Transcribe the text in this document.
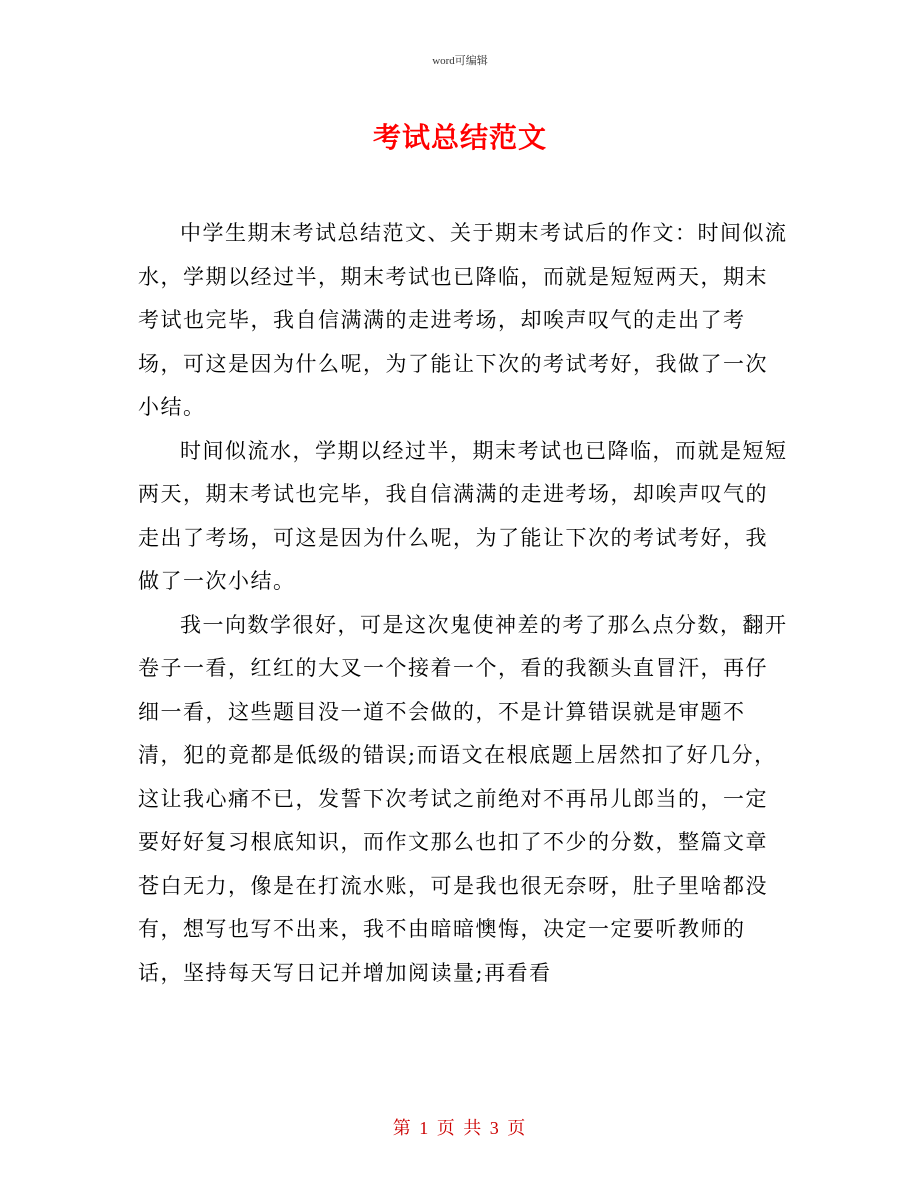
word可编辑
考试总结范文

中学生期末考试总结范文、关于期末考试后的作文：时间似流水，学期以经过半，期末考试也已降临，而就是短短两天，期末考试也完毕，我自信满满的走进考场，却唉声叹气的走出了考场，可这是因为什么呢，为了能让下次的考试考好，我做了一次小结。

时间似流水，学期以经过半，期末考试也已降临，而就是短短两天，期末考试也完毕，我自信满满的走进考场，却唉声叹气的走出了考场，可这是因为什么呢，为了能让下次的考试考好，我做了一次小结。

我一向数学很好，可是这次鬼使神差的考了那么点分数，翻开卷子一看，红红的大叉一个接着一个，看的我额头直冒汗，再仔细一看，这些题目没一道不会做的，不是计算错误就是审题不清，犯的竟都是低级的错误;而语文在根底题上居然扣了好几分，这让我心痛不已，发誓下次考试之前绝对不再吊儿郎当的，一定要好好复习根底知识，而作文那么也扣了不少的分数，整篇文章苍白无力，像是在打流水账，可是我也很无奈呀，肚子里啥都没有，想写也写不出来，我不由暗暗懊悔，决定一定要听教师的话，坚持每天写日记并增加阅读量;再看看

第 1 页 共 3 页
